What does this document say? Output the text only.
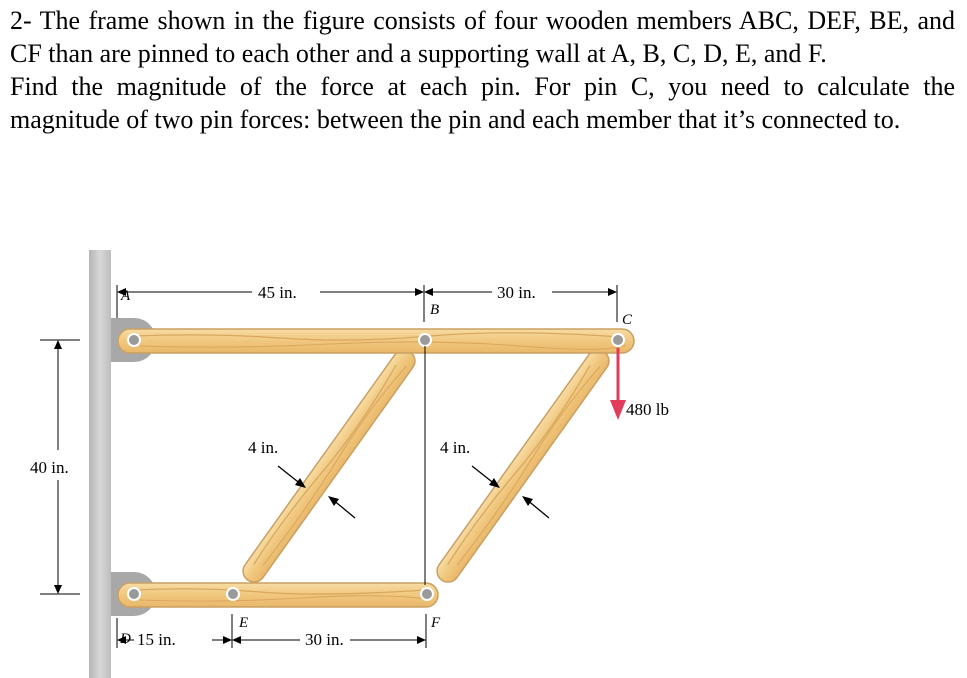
2- The frame shown in the figure consists of four wooden members ABC, DEF, BE, and CF than are pinned to each other and a supporting wall at A, B, C, D, E, and F.

Find the magnitude of the force at each pin. For pin C, you need to calculate the magnitude of two pin forces: between the pin and each member that it’s connected to.

A
B
C
D
E	F
45 in.	30 in.
40 in.
15 in.	30 in.
4 in.	4 in.
480 lb
